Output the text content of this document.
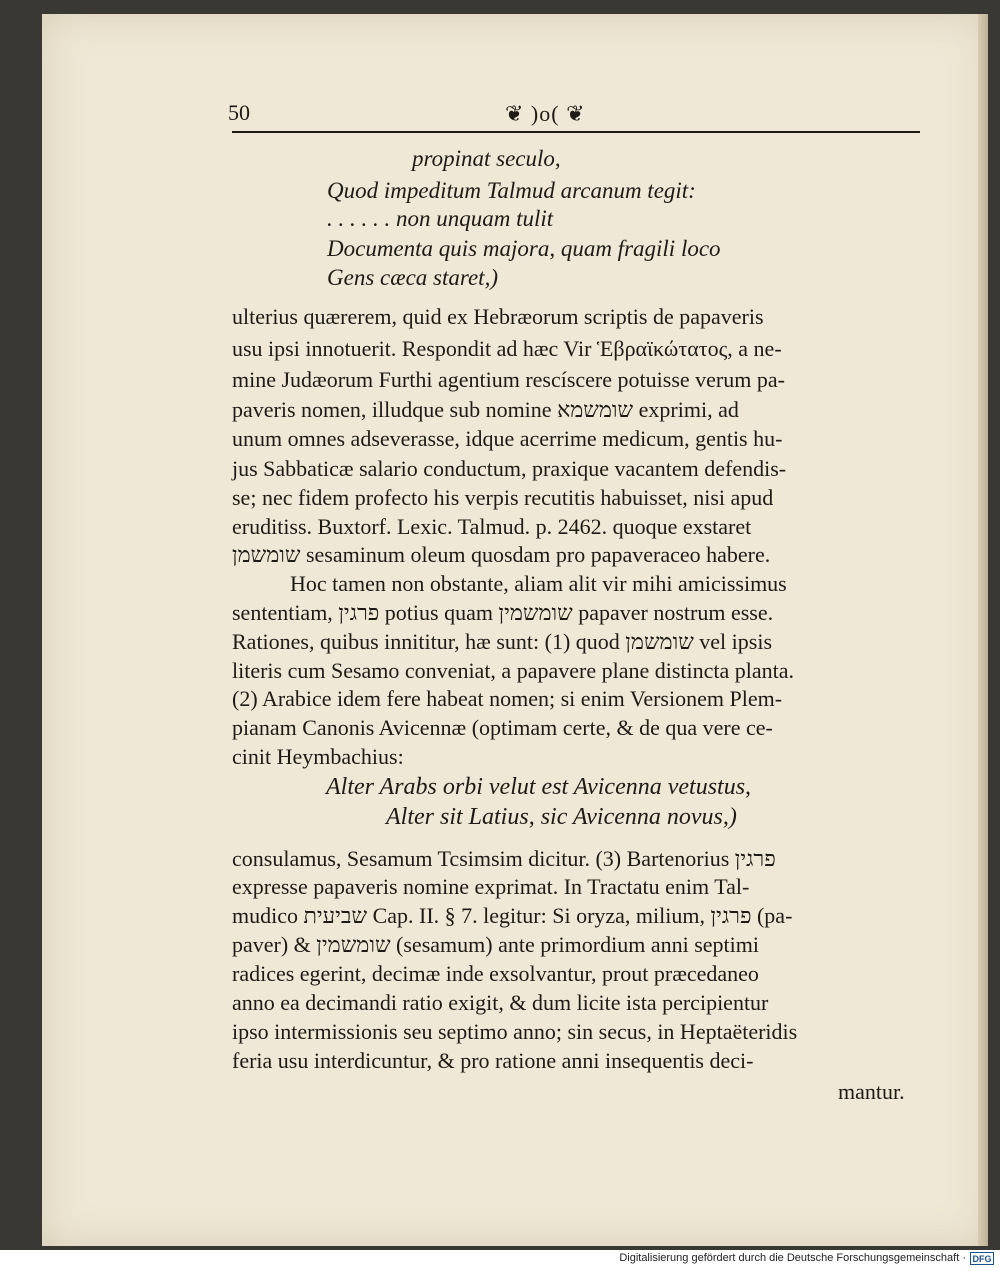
50	❦ )o( ❦
propinat seculo,
Quod impeditum Talmud arcanum tegit:
. . . . . . non unquam tulit
Documenta quis majora, quam fragili loco
Gens cæca staret,)
ulterius quærerem, quid ex Hebræorum scriptis de papaveris
usu ipsi innotuerit. Respondit ad hæc Vir Ἑβραϊκώτατος, a ne-
mine Judæorum Furthi agentium rescíscere potuisse verum pa-
paveris nomen, illudque sub nomine שומשמא exprimi, ad
unum omnes adseverasse, idque acerrime medicum, gentis hu-
jus Sabbaticæ salario conductum, praxique vacantem defendis-
se; nec fidem profecto his verpis recutitis habuisset, nisi apud
eruditiss. Buxtorf. Lexic. Talmud. p. 2462. quoque exstaret
שומשמן sesaminum oleum quosdam pro papaveraceo habere.
Hoc tamen non obstante, aliam alit vir mihi amicissimus
sententiam, פרגין potius quam שומשמין papaver nostrum esse.
Rationes, quibus innititur, hæ sunt: (1) quod שומשמן vel ipsis
literis cum Sesamo conveniat, a papavere plane distincta planta.
(2) Arabice idem fere habeat nomen; si enim Versionem Plem-
pianam Canonis Avicennæ (optimam certe, & de qua vere ce-
cinit Heymbachius:
Alter Arabs orbi velut est Avicenna vetustus,
Alter sit Latius, sic Avicenna novus,)
consulamus, Sesamum Tcsimsim dicitur. (3) Bartenorius פרגין
expresse papaveris nomine exprimat. In Tractatu enim Tal-
mudico שביעית Cap. II. § 7. legitur: Si oryza, milium, פרגין (pa-
paver) & שומשמין (sesamum) ante primordium anni septimi
radices egerint, decimæ inde exsolvantur, prout præcedaneo
anno ea decimandi ratio exigit, & dum licite ista percipientur
ipso intermissionis seu septimo anno; sin secus, in Heptaëteridis
feria usu interdicuntur, & pro ratione anni insequentis deci-
mantur.
Digitalisierung gefördert durch die Deutsche Forschungsgemeinschaft · DFG
